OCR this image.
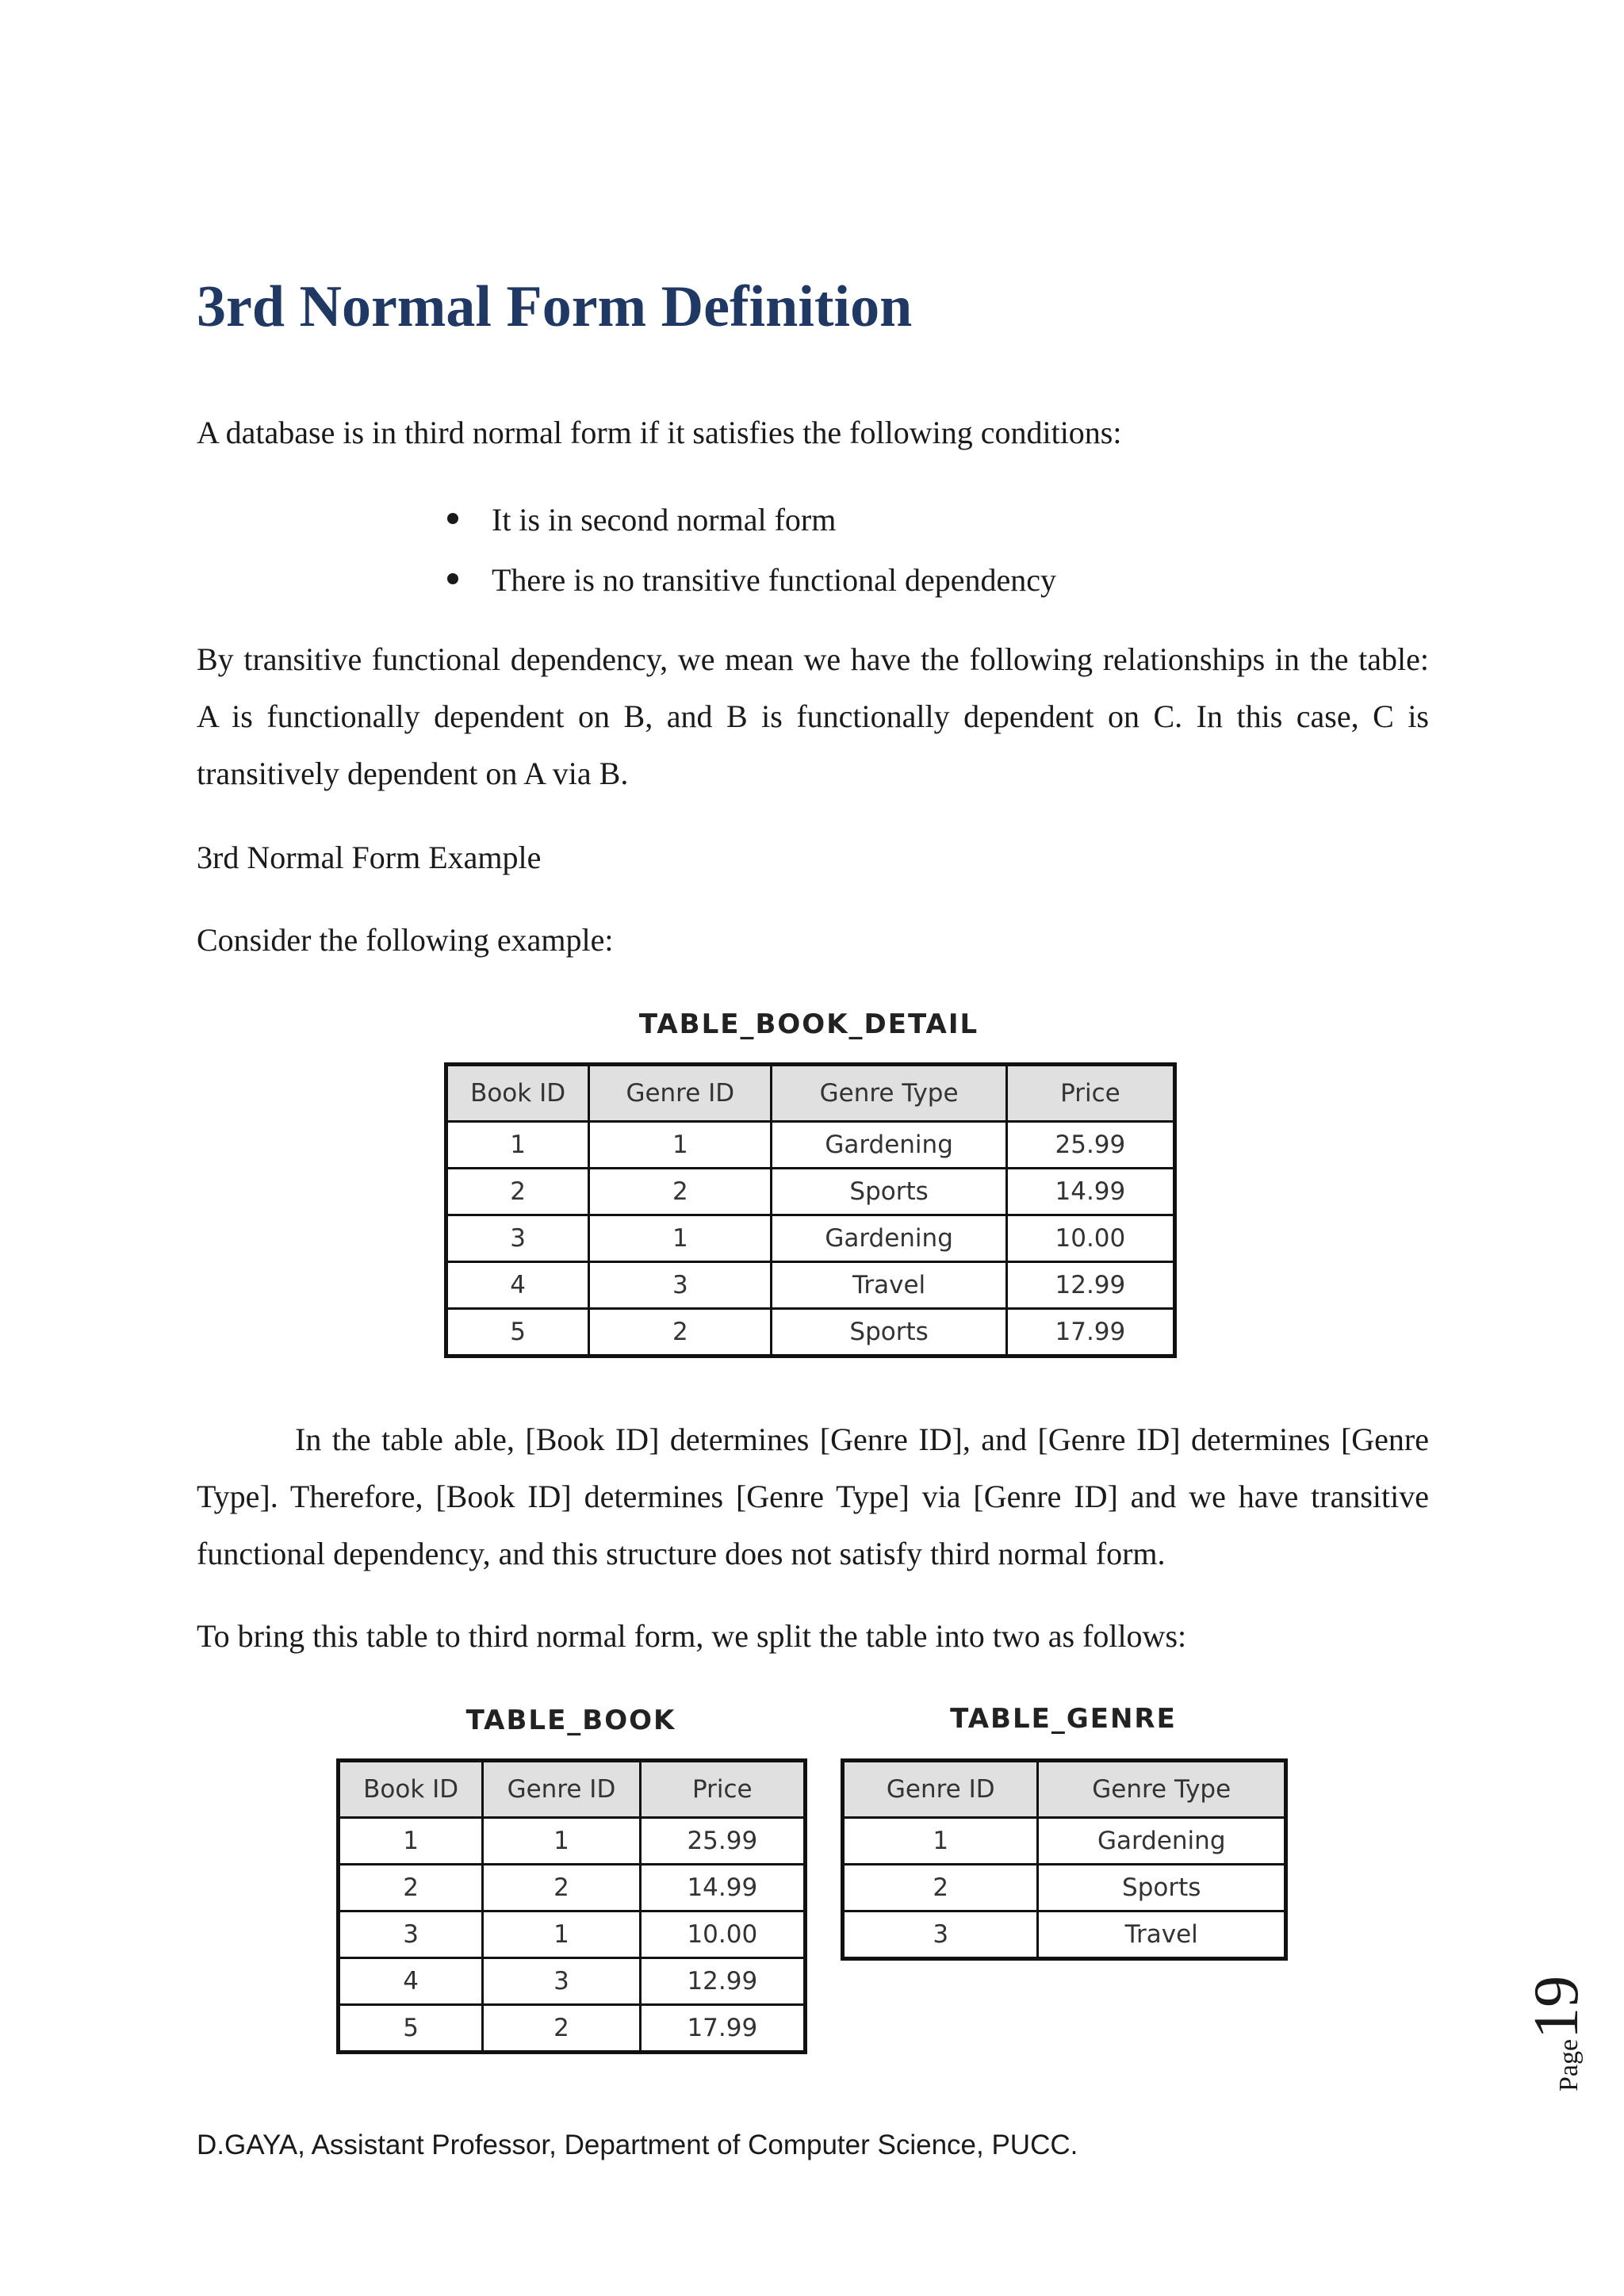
3rd Normal Form Definition

A database is in third normal form if it satisfies the following conditions:

It is in second normal form
There is no transitive functional dependency

By transitive functional dependency, we mean we have the following relationships in the table: A is functionally dependent on B, and B is functionally dependent on C. In this case, C is transitively dependent on A via B.

3rd Normal Form Example

Consider the following example:

TABLE_BOOK_DETAIL
Book ID	Genre ID	Genre Type	Price
1	1	Gardening	25.99
2	2	Sports	14.99
3	1	Gardening	10.00
4	3	Travel	12.99
5	2	Sports	17.99

In the table able, [Book ID] determines [Genre ID], and [Genre ID] determines [Genre Type]. Therefore, [Book ID] determines [Genre Type] via [Genre ID] and we have transitive functional dependency, and this structure does not satisfy third normal form.

To bring this table to third normal form, we split the table into two as follows:

TABLE_BOOK
Book ID	Genre ID	Price
1	1	25.99
2	2	14.99
3	1	10.00
4	3	12.99
5	2	17.99
TABLE_GENRE
Genre ID	Genre Type
1	Gardening
2	Sports
3	Travel
Page19
D.GAYA, Assistant Professor, Department of Computer Science, PUCC.
